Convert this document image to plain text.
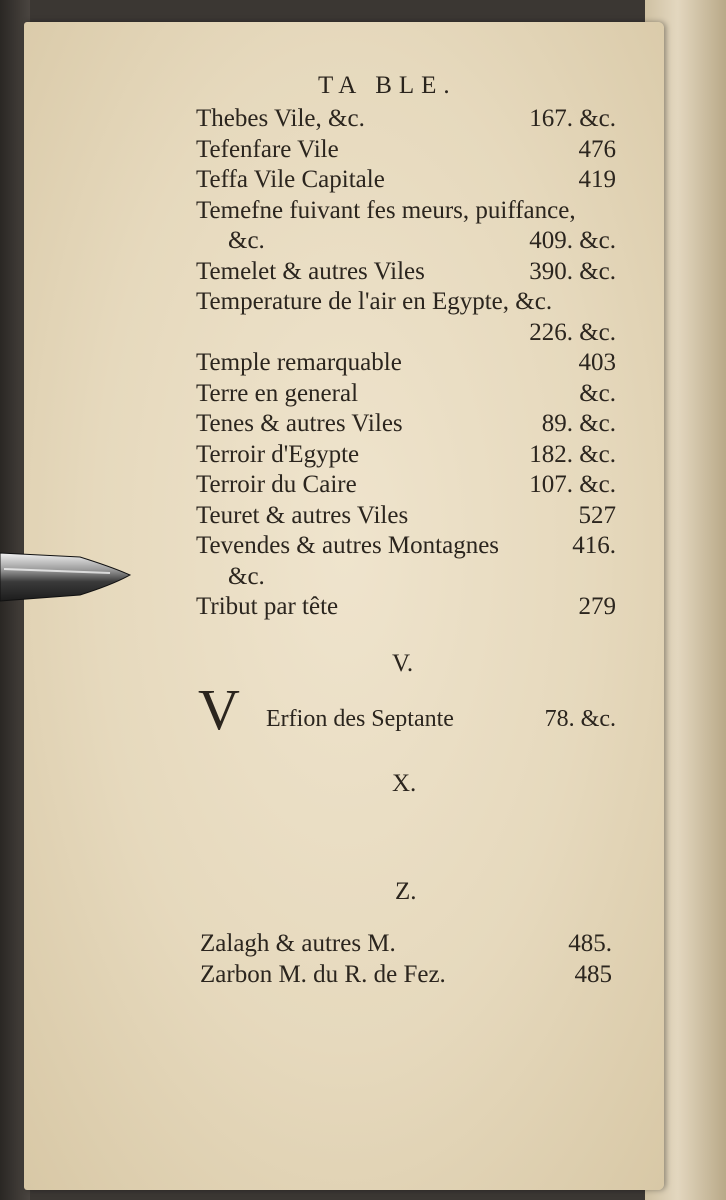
TA BLE.
Thebes Vile, &c.	167. &c.
Tefenfare Vile	476
Teffa Vile Capitale	419
Temefne fuivant fes meurs, puiffance,
&c.	409. &c.
Temelet & autres Viles	390. &c.
Temperature de l'air en Egypte, &c.
226. &c.
Temple remarquable	403
Terre en general	&c.
Tenes & autres Viles	89. &c.
Terroir d'Egypte	182. &c.
Terroir du Caire	107. &c.
Teuret & autres Viles	527
Tevendes & autres Montagnes	416.
&c.
Tribut par tête	279
V.
V Erfion des Septante	78. &c.
X.
Z.
Zalagh & autres M.	485.
Zarbon M. du R. de Fez.	485
